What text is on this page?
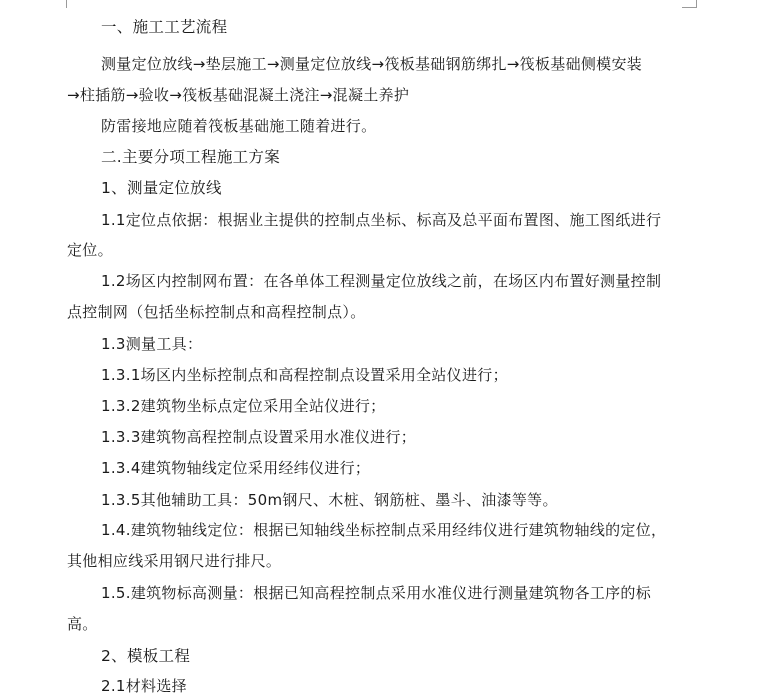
一、施工工艺流程
测量定位放线→垫层施工→测量定位放线→筏板基础钢筋绑扎→筏板基础侧模安装
→柱插筋→验收→筏板基础混凝土浇注→混凝土养护
防雷接地应随着筏板基础施工随着进行。
二.主要分项工程施工方案
1、测量定位放线
1.1定位点依据：根据业主提供的控制点坐标、标高及总平面布置图、施工图纸进行
定位。
1.2场区内控制网布置：在各单体工程测量定位放线之前，在场区内布置好测量控制
点控制网（包括坐标控制点和高程控制点）。
1.3测量工具：
1.3.1场区内坐标控制点和高程控制点设置采用全站仪进行；
1.3.2建筑物坐标点定位采用全站仪进行；
1.3.3建筑物高程控制点设置采用水准仪进行；
1.3.4建筑物轴线定位采用经纬仪进行；
1.3.5其他辅助工具：50m钢尺、木桩、钢筋桩、墨斗、油漆等等。
1.4.建筑物轴线定位：根据已知轴线坐标控制点采用经纬仪进行建筑物轴线的定位，
其他相应线采用钢尺进行排尺。
1.5.建筑物标高测量：根据已知高程控制点采用水准仪进行测量建筑物各工序的标
高。
2、模板工程
2.1材料选择
